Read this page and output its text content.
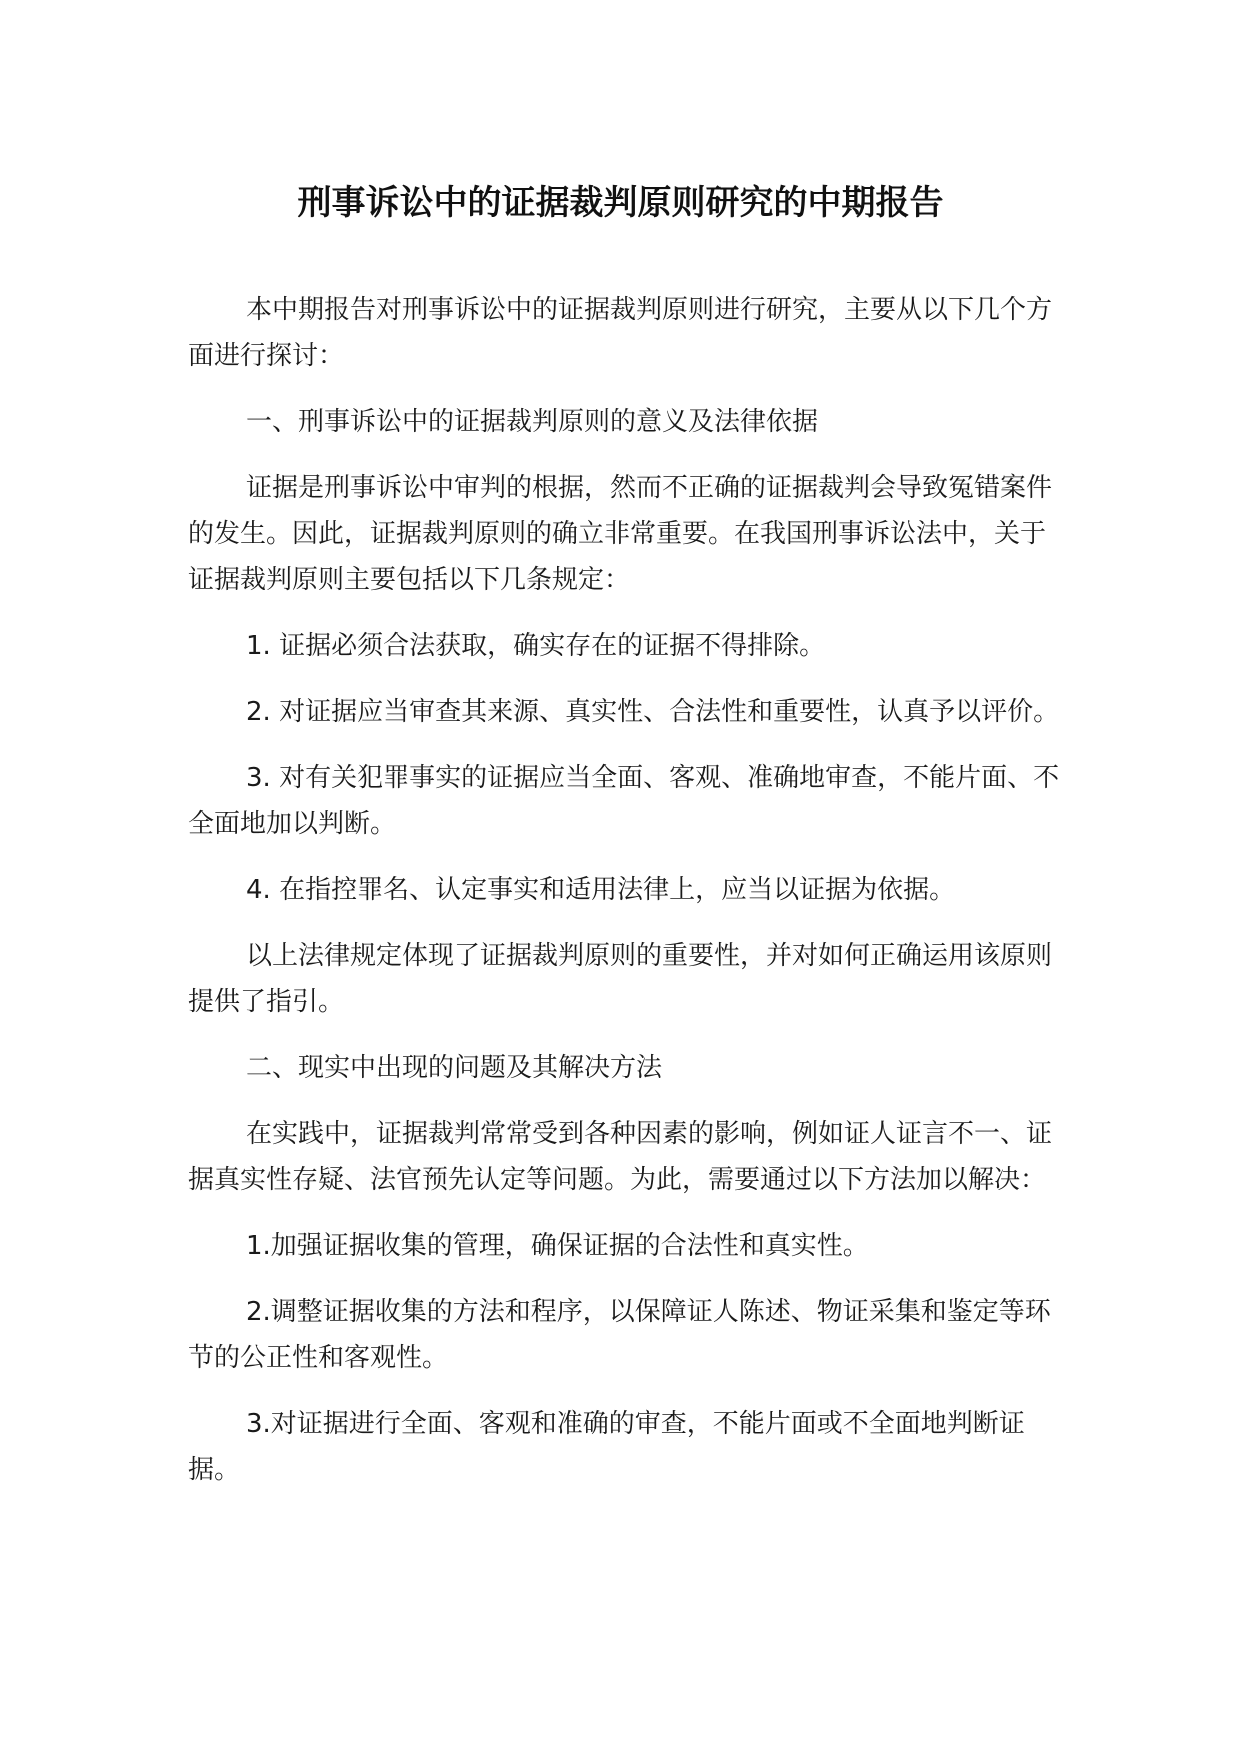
刑事诉讼中的证据裁判原则研究的中期报告

本中期报告对刑事诉讼中的证据裁判原则进行研究，主要从以下几个方面进行探讨：

一、刑事诉讼中的证据裁判原则的意义及法律依据

证据是刑事诉讼中审判的根据，然而不正确的证据裁判会导致冤错案件的发生。因此，证据裁判原则的确立非常重要。在我国刑事诉讼法中，关于证据裁判原则主要包括以下几条规定：

1. 证据必须合法获取，确实存在的证据不得排除。

2. 对证据应当审查其来源、真实性、合法性和重要性，认真予以评价。

3. 对有关犯罪事实的证据应当全面、客观、准确地审查，不能片面、不全面地加以判断。

4. 在指控罪名、认定事实和适用法律上，应当以证据为依据。

以上法律规定体现了证据裁判原则的重要性，并对如何正确运用该原则提供了指引。

二、现实中出现的问题及其解决方法

在实践中，证据裁判常常受到各种因素的影响，例如证人证言不一、证据真实性存疑、法官预先认定等问题。为此，需要通过以下方法加以解决：

1.加强证据收集的管理，确保证据的合法性和真实性。

2.调整证据收集的方法和程序，以保障证人陈述、物证采集和鉴定等环节的公正性和客观性。

3.对证据进行全面、客观和准确的审查，不能片面或不全面地判断证据。
